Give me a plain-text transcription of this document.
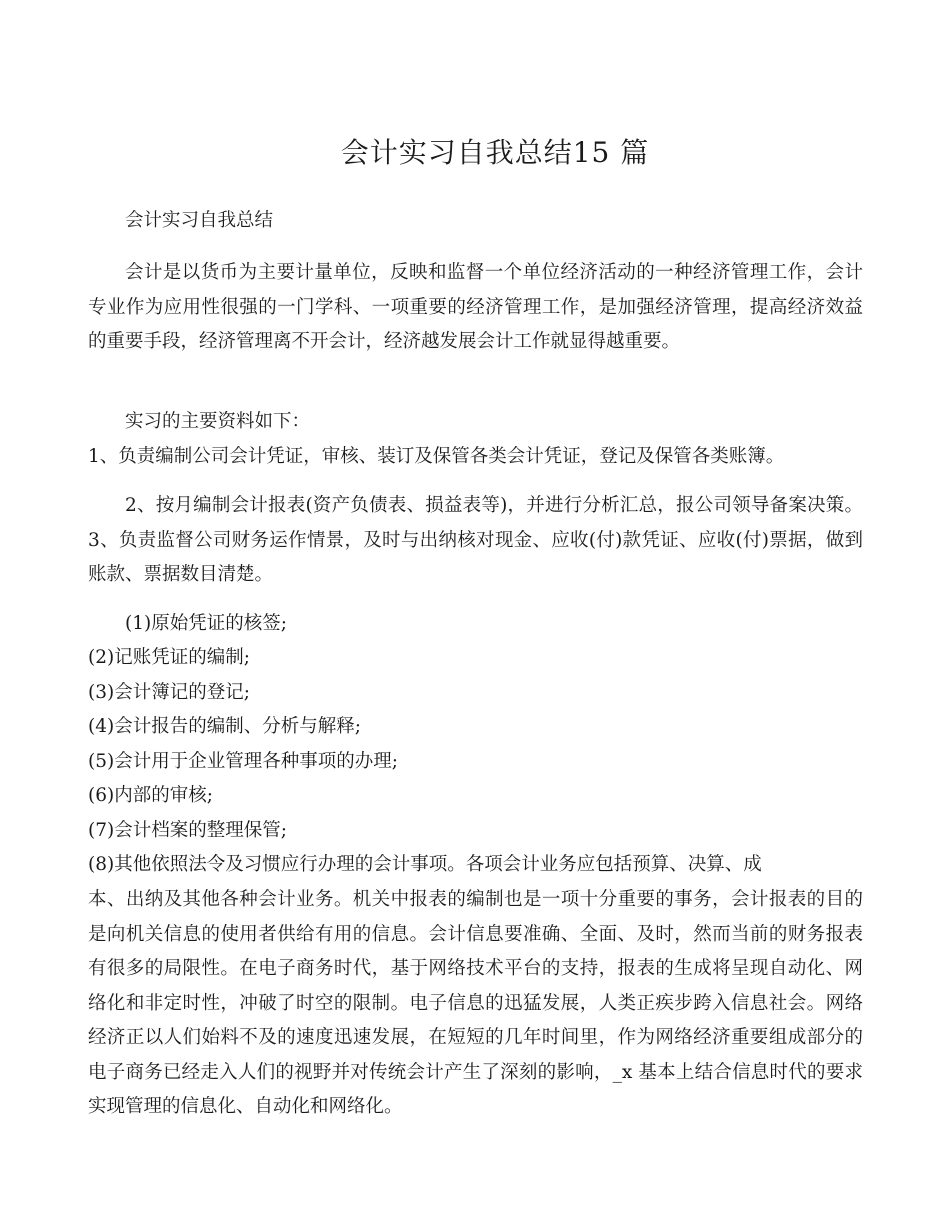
会计实习自我总结15 篇

会计实习自我总结

会计是以货币为主要计量单位，反映和监督一个单位经济活动的一种经济管理工作，会计专业作为应用性很强的一门学科、一项重要的经济管理工作，是加强经济管理，提高经济效益的重要手段，经济管理离不开会计，经济越发展会计工作就显得越重要。

实习的主要资料如下：

1、负责编制公司会计凭证，审核、装订及保管各类会计凭证，登记及保管各类账簿。

2、按月编制会计报表(资产负债表、损益表等)，并进行分析汇总，报公司领导备案决策。3、负责监督公司财务运作情景，及时与出纳核对现金、应收(付)款凭证、应收(付)票据，做到账款、票据数目清楚。

(1)原始凭证的核签;

(2)记账凭证的编制;

(3)会计簿记的登记;

(4)会计报告的编制、分析与解释;

(5)会计用于企业管理各种事项的办理;

(6)内部的审核;

(7)会计档案的整理保管;

(8)其他依照法令及习惯应行办理的会计事项。各项会计业务应包括预算、决算、成

本、出纳及其他各种会计业务。机关中报表的编制也是一项十分重要的事务，会计报表的目的是向机关信息的使用者供给有用的信息。会计信息要准确、全面、及时，然而当前的财务报表有很多的局限性。在电子商务时代，基于网络技术平台的支持，报表的生成将呈现自动化、网络化和非定时性，冲破了时空的限制。电子信息的迅猛发展，人类正疾步跨入信息社会。网络经济正以人们始料不及的速度迅速发展，在短短的几年时间里，作为网络经济重要组成部分的电子商务已经走入人们的视野并对传统会计产生了深刻的影响，_x 基本上结合信息时代的要求实现管理的信息化、自动化和网络化。
